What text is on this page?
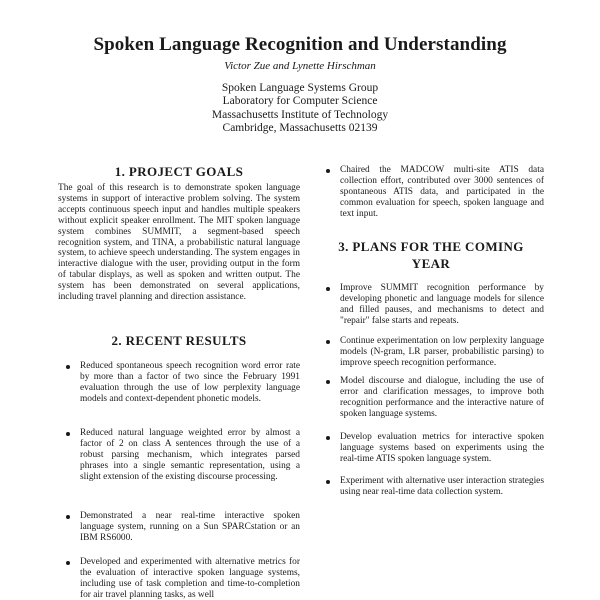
Spoken Language Recognition and Understanding
Victor Zue and Lynette Hirschman
Spoken Language Systems Group
Laboratory for Computer Science
Massachusetts Institute of Technology
Cambridge, Massachusetts 02139
1. PROJECT GOALS
The goal of this research is to demonstrate spoken language systems in support of interactive problem solving. The system accepts continuous speech input and handles multiple speakers without explicit speaker enrollment. The MIT spoken language system combines SUMMIT, a segment-based speech recognition system, and TINA, a probabilistic natural language system, to achieve speech understanding. The system engages in interactive dialogue with the user, providing output in the form of tabular displays, as well as spoken and written output. The system has been demonstrated on several applications, including travel planning and direction assistance.
2. RECENT RESULTS
Reduced spontaneous speech recognition word error rate by more than a factor of two since the February 1991 evaluation through the use of low perplexity language models and context-dependent phonetic models.
Reduced natural language weighted error by almost a factor of 2 on class A sentences through the use of a robust parsing mechanism, which integrates parsed phrases into a single semantic representation, using a slight extension of the existing discourse processing.
Demonstrated a near real-time interactive spoken language system, running on a Sun SPARCstation or an IBM RS6000.
Developed and experimented with alternative metrics for the evaluation of interactive spoken language systems, including use of task completion and time-to-completion for air travel planning tasks, as well
Chaired the MADCOW multi-site ATIS data collection effort, contributed over 3000 sentences of spontaneous ATIS data, and participated in the common evaluation for speech, spoken language and text input.
3. PLANS FOR THE COMING YEAR
Improve SUMMIT recognition performance by developing phonetic and language models for silence and filled pauses, and mechanisms to detect and "repair" false starts and repeats.
Continue experimentation on low perplexity language models (N-gram, LR parser, probabilistic parsing) to improve speech recognition performance.
Model discourse and dialogue, including the use of error and clarification messages, to improve both recognition performance and the interactive nature of spoken language systems.
Develop evaluation metrics for interactive spoken language systems based on experiments using the real-time ATIS spoken language system.
Experiment with alternative user interaction strategies using near real-time data collection system.
